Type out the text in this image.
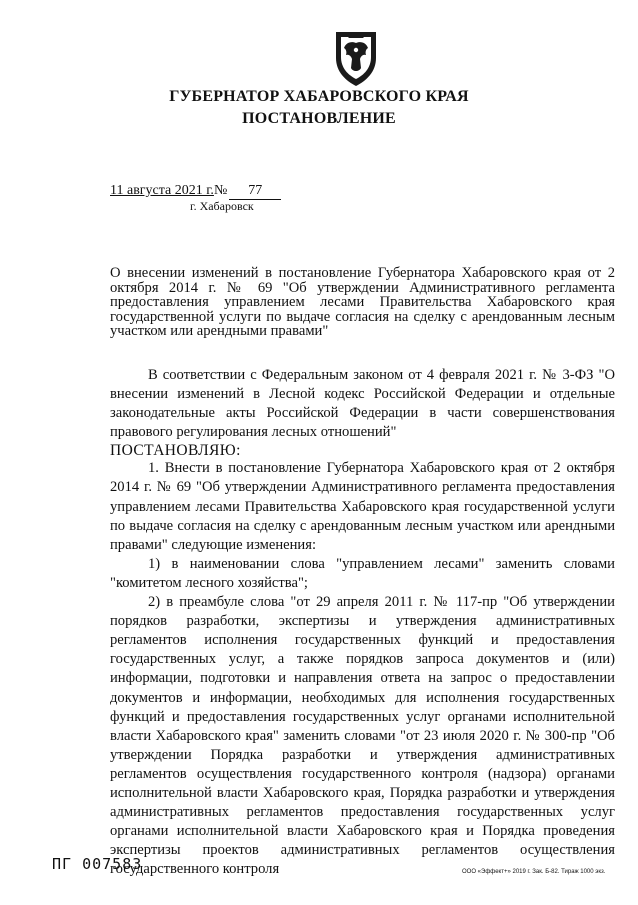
ГУБЕРНАТОР ХАБАРОВСКОГО КРАЯ
ПОСТАНОВЛЕНИЕ
11 августа 2021 г.№ 77
г. Хабаровск
О внесении изменений в постановление Губернатора Хабаровского края от 2 октября 2014 г. № 69 "Об утверждении Административного регламента предоставления управлением лесами Правительства Хабаровского края государственной услуги по выдаче согласия на сделку с арендованным лесным участком или арендными правами"

В соответствии с Федеральным законом от 4 февраля 2021 г. № 3-ФЗ "О внесении изменений в Лесной кодекс Российской Федерации и отдельные законодательные акты Российской Федерации в части совершенствования правового регулирования лесных отношений"

ПОСТАНОВЛЯЮ:

1. Внести в постановление Губернатора Хабаровского края от 2 октября 2014 г. № 69 "Об утверждении Административного регламента предоставления управлением лесами Правительства Хабаровского края государственной услуги по выдаче согласия на сделку с арендованным лесным участком или арендными правами" следующие изменения:

1) в наименовании слова "управлением лесами" заменить словами "комитетом лесного хозяйства";

2) в преамбуле слова "от 29 апреля 2011 г. № 117-пр "Об утверждении порядков разработки, экспертизы и утверждения административных регламентов исполнения государственных функций и предоставления государственных услуг, а также порядков запроса документов и (или) информации, подготовки и направления ответа на запрос о предоставлении документов и информации, необходимых для исполнения государственных функций и предоставления государственных услуг органами исполнительной власти Хабаровского края" заменить словами "от 23 июля 2020 г. № 300-пр "Об утверждении Порядка разработки и утверждения административных регламентов осуществления государственного контроля (надзора) органами исполнительной власти Хабаровского края, Порядка разработки и утверждения административных регламентов предоставления государственных услуг органами исполнительной власти Хабаровского края и Порядка проведения экспертизы проектов административных регламентов осуществления государственного контроля

ПГ 007583	ООО «Эффект+» 2019 г. Зак. Б-82. Тираж 1000 экз.
